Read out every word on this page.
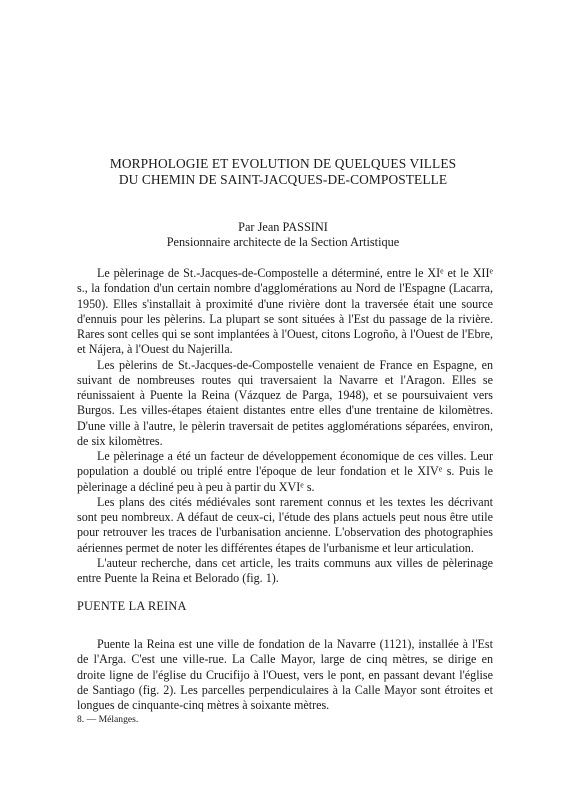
MORPHOLOGIE ET EVOLUTION DE QUELQUES VILLES
DU CHEMIN DE SAINT-JACQUES-DE-COMPOSTELLE
Par Jean PASSINI
Pensionnaire architecte de la Section Artistique

Le pèlerinage de St.-Jacques-de-Compostelle a déterminé, entre le XIe et le XIIe s., la fondation d'un certain nombre d'agglomérations au Nord de l'Espagne (Lacarra, 1950). Elles s'installait à proximité d'une rivière dont la traversée était une source d'ennuis pour les pèlerins. La plupart se sont situées à l'Est du passage de la rivière. Rares sont celles qui se sont implantées à l'Ouest, citons Logroño, à l'Ouest de l'Ebre, et Nájera, à l'Ouest du Najerilla.

Les pèlerins de St.-Jacques-de-Compostelle venaient de France en Espagne, en suivant de nombreuses routes qui traversaient la Navarre et l'Aragon. Elles se réunissaient à Puente la Reina (Vázquez de Parga, 1948), et se poursuivaient vers Burgos. Les villes-étapes étaient distantes entre elles d'une trentaine de kilomètres. D'une ville à l'autre, le pèlerin traversait de petites agglomérations séparées, environ, de six kilomètres.

Le pèlerinage a été un facteur de développement économique de ces villes. Leur population a doublé ou triplé entre l'époque de leur fondation et le XIVe s. Puis le pèlerinage a décliné peu à peu à partir du XVIe s.

Les plans des cités médiévales sont rarement connus et les textes les décrivant sont peu nombreux. A défaut de ceux-ci, l'étude des plans actuels peut nous être utile pour retrouver les traces de l'urbanisation ancienne. L'observation des photographies aériennes permet de noter les différentes étapes de l'urbanisme et leur articulation.

L'auteur recherche, dans cet article, les traits communs aux villes de pèlerinage entre Puente la Reina et Belorado (fig. 1).

PUENTE LA REINA

Puente la Reina est une ville de fondation de la Navarre (1121), installée à l'Est de l'Arga. C'est une ville-rue. La Calle Mayor, large de cinq mètres, se dirige en droite ligne de l'église du Crucifijo à l'Ouest, vers le pont, en passant devant l'église de Santiago (fig. 2). Les parcelles perpendiculaires à la Calle Mayor sont étroites et longues de cinquante-cinq mètres à soixante mètres.

8. — Mélanges.
